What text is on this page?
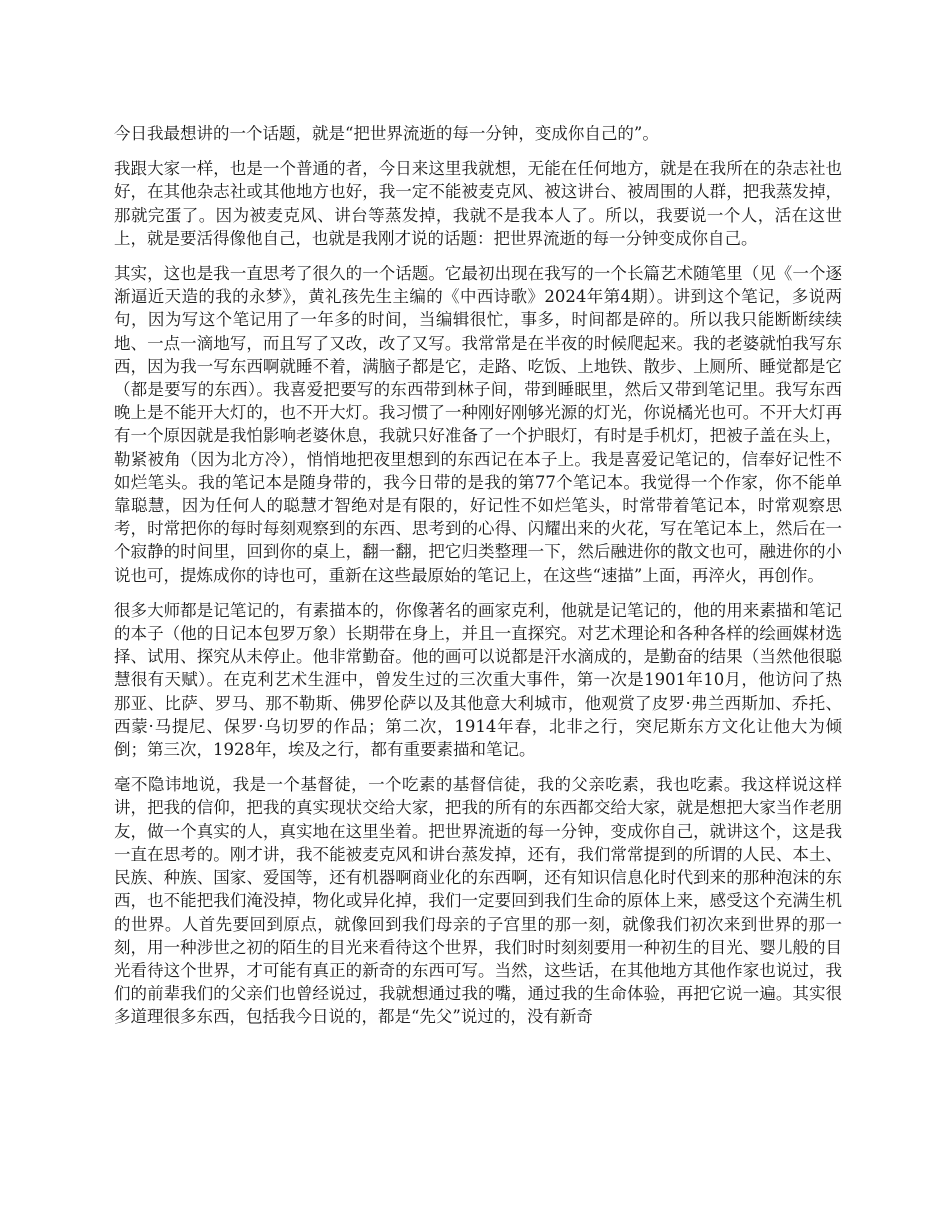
今日我最想讲的一个话题，就是“把世界流逝的每一分钟，变成你自己的”。

我跟大家一样，也是一个普通的者，今日来这里我就想，无能在任何地方，就是在我所在的杂志社也好，在其他杂志社或其他地方也好，我一定不能被麦克风、被这讲台、被周围的人群，把我蒸发掉，那就完蛋了。因为被麦克风、讲台等蒸发掉，我就不是我本人了。所以，我要说一个人，活在这世上，就是要活得像他自己，也就是我刚才说的话题：把世界流逝的每一分钟变成你自己。

其实，这也是我一直思考了很久的一个话题。它最初出现在我写的一个长篇艺术随笔里（见《一个逐渐逼近天造的我的永梦》，黄礼孩先生主编的《中西诗歌》2024年第4期）。讲到这个笔记，多说两句，因为写这个笔记用了一年多的时间，当编辑很忙，事多，时间都是碎的。所以我只能断断续续地、一点一滴地写，而且写了又改，改了又写。我常常是在半夜的时候爬起来。我的老婆就怕我写东西，因为我一写东西啊就睡不着，满脑子都是它，走路、吃饭、上地铁、散步、上厕所、睡觉都是它（都是要写的东西）。我喜爱把要写的东西带到林子间，带到睡眠里，然后又带到笔记里。我写东西晚上是不能开大灯的，也不开大灯。我习惯了一种刚好刚够光源的灯光，你说橘光也可。不开大灯再有一个原因就是我怕影响老婆休息，我就只好准备了一个护眼灯，有时是手机灯，把被子盖在头上，勒紧被角（因为北方冷），悄悄地把夜里想到的东西记在本子上。我是喜爱记笔记的，信奉好记性不如烂笔头。我的笔记本是随身带的，我今日带的是我的第77个笔记本。我觉得一个作家，你不能单靠聪慧，因为任何人的聪慧才智绝对是有限的，好记性不如烂笔头，时常带着笔记本，时常观察思考，时常把你的每时每刻观察到的东西、思考到的心得、闪耀出来的火花，写在笔记本上，然后在一个寂静的时间里，回到你的桌上，翻一翻，把它归类整理一下，然后融进你的散文也可，融进你的小说也可，提炼成你的诗也可，重新在这些最原始的笔记上，在这些“速描”上面，再淬火，再创作。

很多大师都是记笔记的，有素描本的，你像著名的画家克利，他就是记笔记的，他的用来素描和笔记的本子（他的日记本包罗万象）长期带在身上，并且一直探究。对艺术理论和各种各样的绘画媒材选择、试用、探究从未停止。他非常勤奋。他的画可以说都是汗水滴成的，是勤奋的结果（当然他很聪慧很有天赋）。在克利艺术生涯中，曾发生过的三次重大事件，第一次是1901年10月，他访问了热那亚、比萨、罗马、那不勒斯、佛罗伦萨以及其他意大利城市，他观赏了皮罗·弗兰西斯加、乔托、西蒙·马提尼、保罗·乌切罗的作品；第二次，1914年春，北非之行，突尼斯东方文化让他大为倾倒；第三次，1928年，埃及之行，都有重要素描和笔记。

毫不隐讳地说，我是一个基督徒，一个吃素的基督信徒，我的父亲吃素，我也吃素。我这样说这样讲，把我的信仰，把我的真实现状交给大家，把我的所有的东西都交给大家，就是想把大家当作老朋友，做一个真实的人，真实地在这里坐着。把世界流逝的每一分钟，变成你自己，就讲这个，这是我一直在思考的。刚才讲，我不能被麦克风和讲台蒸发掉，还有，我们常常提到的所谓的人民、本土、民族、种族、国家、爱国等，还有机器啊商业化的东西啊，还有知识信息化时代到来的那种泡沫的东西，也不能把我们淹没掉，物化或异化掉，我们一定要回到我们生命的原体上来，感受这个充满生机的世界。人首先要回到原点，就像回到我们母亲的子宫里的那一刻，就像我们初次来到世界的那一刻，用一种涉世之初的陌生的目光来看待这个世界，我们时时刻刻要用一种初生的目光、婴儿般的目光看待这个世界，才可能有真正的新奇的东西可写。当然，这些话，在其他地方其他作家也说过，我们的前辈我们的父亲们也曾经说过，我就想通过我的嘴，通过我的生命体验，再把它说一遍。其实很多道理很多东西，包括我今日说的，都是“先父”说过的，没有新奇
